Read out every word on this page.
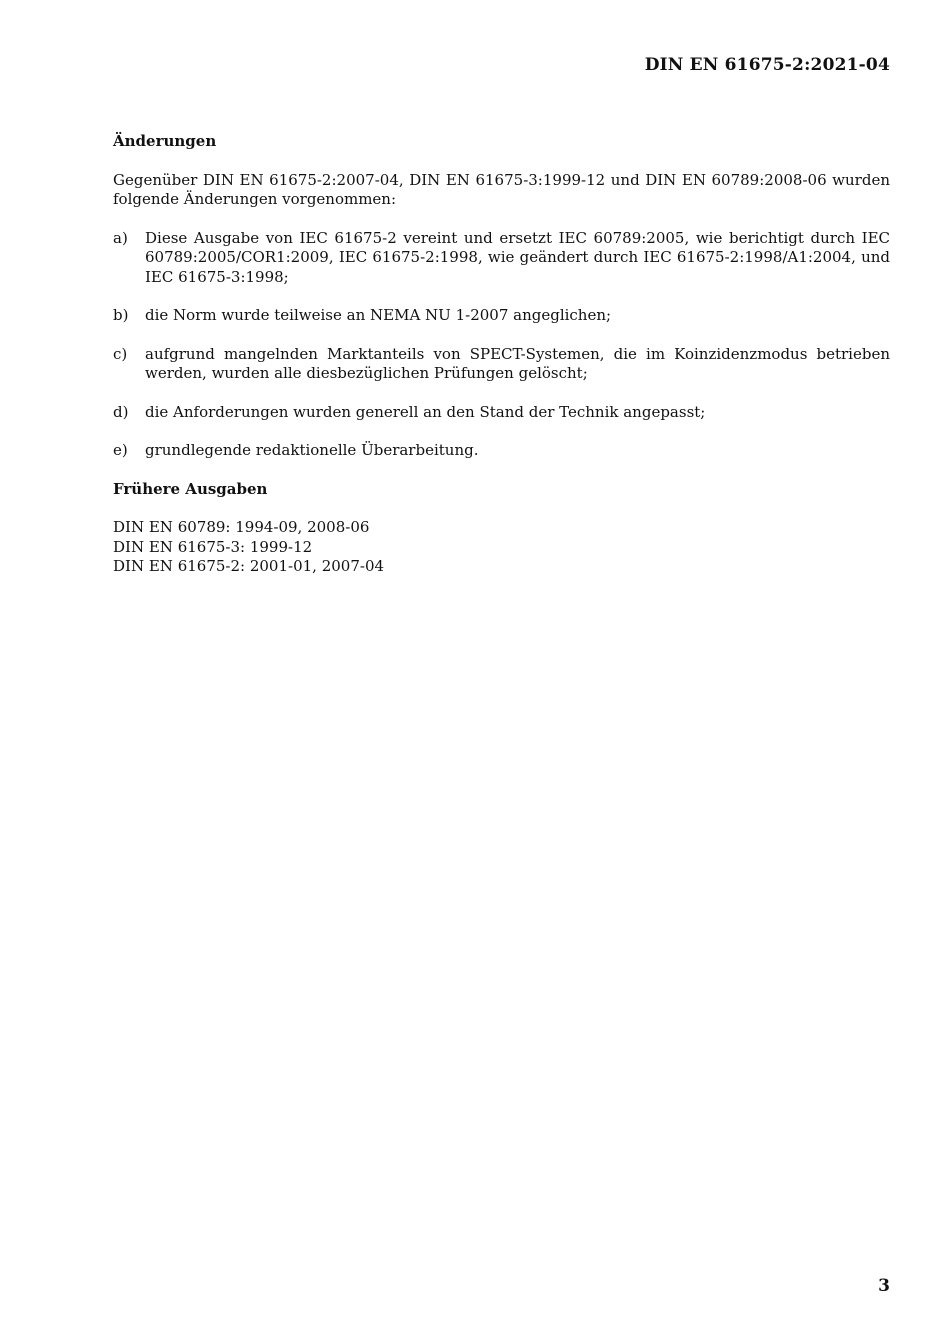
DIN EN 61675-2:2021-04
Änderungen

Gegenüber DIN EN 61675-2:2007-04, DIN EN 61675-3:1999-12 und DIN EN 60789:2008-06 wurden folgende Änderungen vorgenommen:

a)	Diese Ausgabe von IEC 61675-2 vereint und ersetzt IEC 60789:2005, wie berichtigt durch IEC 60789:2005/COR1:2009, IEC 61675-2:1998, wie geändert durch IEC 61675-2:1998/A1:2004, und IEC 61675-3:1998;
b)	die Norm wurde teilweise an NEMA NU 1-2007 angeglichen;
c)	aufgrund mangelnden Marktanteils von SPECT-Systemen, die im Koinzidenzmodus betrieben werden, wurden alle diesbezüglichen Prüfungen gelöscht;
d)	die Anforderungen wurden generell an den Stand der Technik angepasst;
e)	grundlegende redaktionelle Überarbeitung.
Frühere Ausgaben
DIN EN 60789: 1994-09, 2008-06
DIN EN 61675-3: 1999-12
DIN EN 61675-2: 2001-01, 2007-04
3
